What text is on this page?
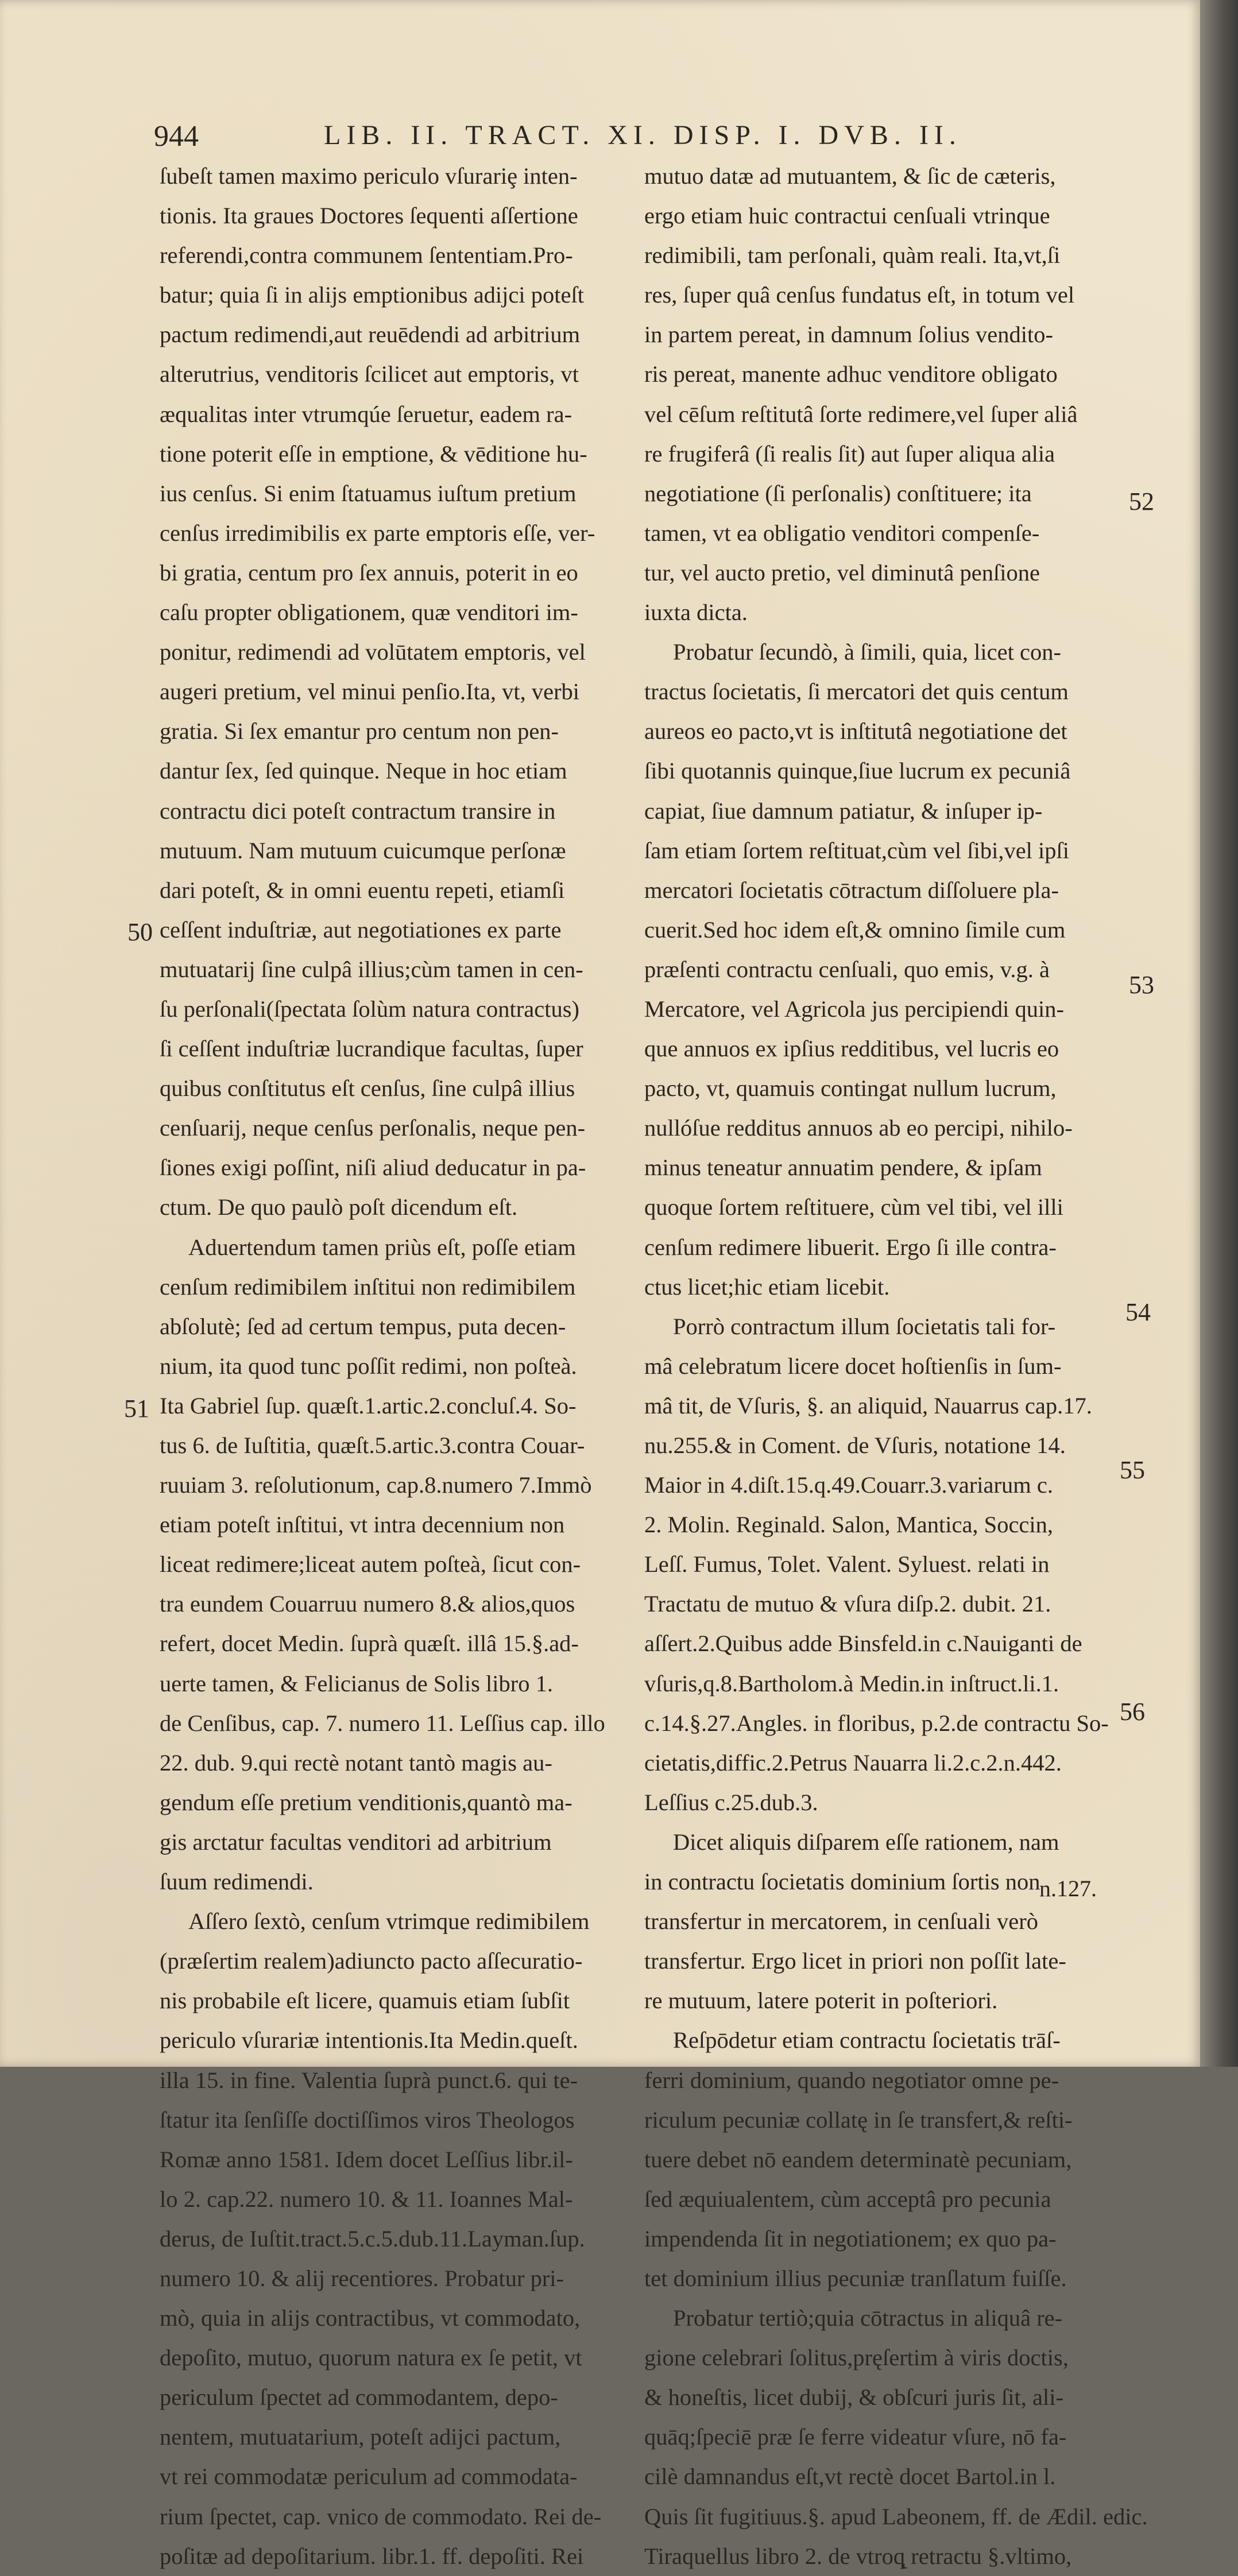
944	LIB. II. TRACT. XI. DISP. I. DVB. II.
ſubeſt tamen maximo periculo vſurariȩ inten-
tionis. Ita graues Doctores ſequenti aſſertione
referendi,contra communem ſententiam.Pro-
batur; quia ſi in alijs emptionibus adijci poteſt
pactum redimendi,aut reuēdendi ad arbitrium
alterutrius, venditoris ſcilicet aut emptoris, vt
æqualitas inter vtrumqúe ſeruetur, eadem ra-
tione poterit eſſe in emptione, & vēditione hu-
ius cenſus. Si enim ſtatuamus iuſtum pretium
cenſus irredimibilis ex parte emptoris eſſe, ver-
bi gratia, centum pro ſex annuis, poterit in eo
caſu propter obligationem, quæ venditori im-
ponitur, redimendi ad volūtatem emptoris, vel
augeri pretium, vel minui penſio.Ita, vt, verbi
gratia. Si ſex emantur pro centum non pen-
dantur ſex, ſed quinque. Neque in hoc etiam
contractu dici poteſt contractum transire in
mutuum. Nam mutuum cuicumque perſonæ
dari poteſt, & in omni euentu repeti, etiamſi
ceſſent induſtriæ, aut negotiationes ex parte
mutuatarij ſine culpâ illius;cùm tamen in cen-
ſu perſonali(ſpectata ſolùm natura contractus)
ſi ceſſent induſtriæ lucrandique facultas, ſuper
quibus conſtitutus eſt cenſus, ſine culpâ illius
cenſuarij, neque cenſus perſonalis, neque pen-
ſiones exigi poſſint, niſi aliud deducatur in pa-
ctum. De quo paulò poſt dicendum eſt.
Aduertendum tamen priùs eſt, poſſe etiam
cenſum redimibilem inſtitui non redimibilem
abſolutè; ſed ad certum tempus, puta decen-
nium, ita quod tunc poſſit redimi, non poſteà.
Ita Gabriel ſup. quæſt.1.artic.2.concluſ.4. So-
tus 6. de Iuſtitia, quæſt.5.artic.3.contra Couar-
ruuiam 3. reſolutionum, cap.8.numero 7.Immò
etiam poteſt inſtitui, vt intra decennium non
liceat redimere;liceat autem poſteà, ſicut con-
tra eundem Couarruu numero 8.& alios,quos
refert, docet Medin. ſuprà quæſt. illâ 15.§.ad-
uerte tamen, & Felicianus de Solis libro 1.
de Cenſibus, cap. 7. numero 11. Leſſius cap. illo
22. dub. 9.qui rectè notant tantò magis au-
gendum eſſe pretium venditionis,quantò ma-
gis arctatur facultas venditori ad arbitrium
ſuum redimendi.
Aſſero ſextò, cenſum vtrimque redimibilem
(præſertim realem)adiuncto pacto aſſecuratio-
nis probabile eſt licere, quamuis etiam ſubſit
periculo vſurariæ intentionis.Ita Medin.queſt.
illa 15. in fine. Valentia ſuprà punct.6. qui te-
ſtatur ita ſenſiſſe doctiſſimos viros Theologos
Romæ anno 1581. Idem docet Leſſius libr.il-
lo 2. cap.22. numero 10. & 11. Ioannes Mal-
derus, de Iuſtit.tract.5.c.5.dub.11.Layman.ſup.
numero 10. & alij recentiores. Probatur pri-
mò, quia in alijs contractibus, vt commodato,
depoſito, mutuo, quorum natura ex ſe petit, vt
periculum ſpectet ad commodantem, depo-
nentem, mutuatarium, poteſt adijci pactum,
vt rei commodatæ periculum ad commodata-
rium ſpectet, cap. vnico de commodato. Rei de-
poſitæ ad depoſitarium. libr.1. ff. depoſiti. Rei
mutuo datæ ad mutuantem, & ſic de cæteris,
ergo etiam huic contractui cenſuali vtrinque
redimibili, tam perſonali, quàm reali. Ita,vt,ſi
res, ſuper quâ cenſus fundatus eſt, in totum vel
in partem pereat, in damnum ſolius vendito-
ris pereat, manente adhuc venditore obligato
vel cēſum reſtitutâ ſorte redimere,vel ſuper aliâ
re frugiferâ (ſi realis ſit) aut ſuper aliqua alia
negotiatione (ſi perſonalis) conſtituere; ita
tamen, vt ea obligatio venditori compenſe-
tur, vel aucto pretio, vel diminutâ penſione
iuxta dicta.
Probatur ſecundò, à ſimili, quia, licet con-
tractus ſocietatis, ſi mercatori det quis centum
aureos eo pacto,vt is inſtitutâ negotiatione det
ſibi quotannis quinque,ſiue lucrum ex pecuniâ
capiat, ſiue damnum patiatur, & inſuper ip-
ſam etiam ſortem reſtituat,cùm vel ſibi,vel ipſi
mercatori ſocietatis cōtractum diſſoluere pla-
cuerit.Sed hoc idem eſt,& omnino ſimile cum
præſenti contractu cenſuali, quo emis, v.g. à
Mercatore, vel Agricola jus percipiendi quin-
que annuos ex ipſius redditibus, vel lucris eo
pacto, vt, quamuis contingat nullum lucrum,
nullóſue redditus annuos ab eo percipi, nihilo-
minus teneatur annuatim pendere, & ipſam
quoque ſortem reſtituere, cùm vel tibi, vel illi
cenſum redimere libuerit. Ergo ſi ille contra-
ctus licet;hic etiam licebit.
Porrò contractum illum ſocietatis tali for-
mâ celebratum licere docet hoſtienſis in ſum-
mâ tit, de Vſuris, §. an aliquid, Nauarrus cap.17.
nu.255.& in Coment. de Vſuris, notatione 14.
Maior in 4.diſt.15.q.49.Couarr.3.variarum c.
2. Molin. Reginald. Salon, Mantica, Soccin,
Leſſ. Fumus, Tolet. Valent. Syluest. relati in
Tractatu de mutuo & vſura diſp.2. dubit. 21.
aſſert.2.Quibus adde Binsfeld.in c.Nauiganti de
vſuris,q.8.Bartholom.à Medin.in inſtruct.li.1.
c.14.§.27.Angles. in floribus, p.2.de contractu So-
cietatis,diffic.2.Petrus Nauarra li.2.c.2.n.442.
Leſſius c.25.dub.3.
Dicet aliquis diſparem eſſe rationem, nam
in contractu ſocietatis dominium ſortis non
transfertur in mercatorem, in cenſuali verò
transfertur. Ergo licet in priori non poſſit late-
re mutuum, latere poterit in poſteriori.
Reſpōdetur etiam contractu ſocietatis trāſ-
ferri dominium, quando negotiator omne pe-
riculum pecuniæ collatę in ſe transfert,& reſti-
tuere debet nō eandem determinatè pecuniam,
ſed æquiualentem, cùm acceptâ pro pecunia
impendenda ſit in negotiationem; ex quo pa-
tet dominium illius pecuniæ tranſlatum fuiſſe.
Probatur tertiò;quia cōtractus in aliquâ re-
gione celebrari ſolitus,pręſertim à viris doctis,
& honeſtis, licet dubij, & obſcuri juris ſit, ali-
quāq;ſpeciē præ ſe ferre videatur vſure, nō fa-
cilè damnandus eſt,vt rectè docet Bartol.in l.
Quis ſit fugitiuus.§. apud Labeonem, ff. de Ædil. edic.
Tiraquellus libro 2. de vtroq̨ retractu §.vltimo,
50
51
52
53
54
55
56
n.127.
